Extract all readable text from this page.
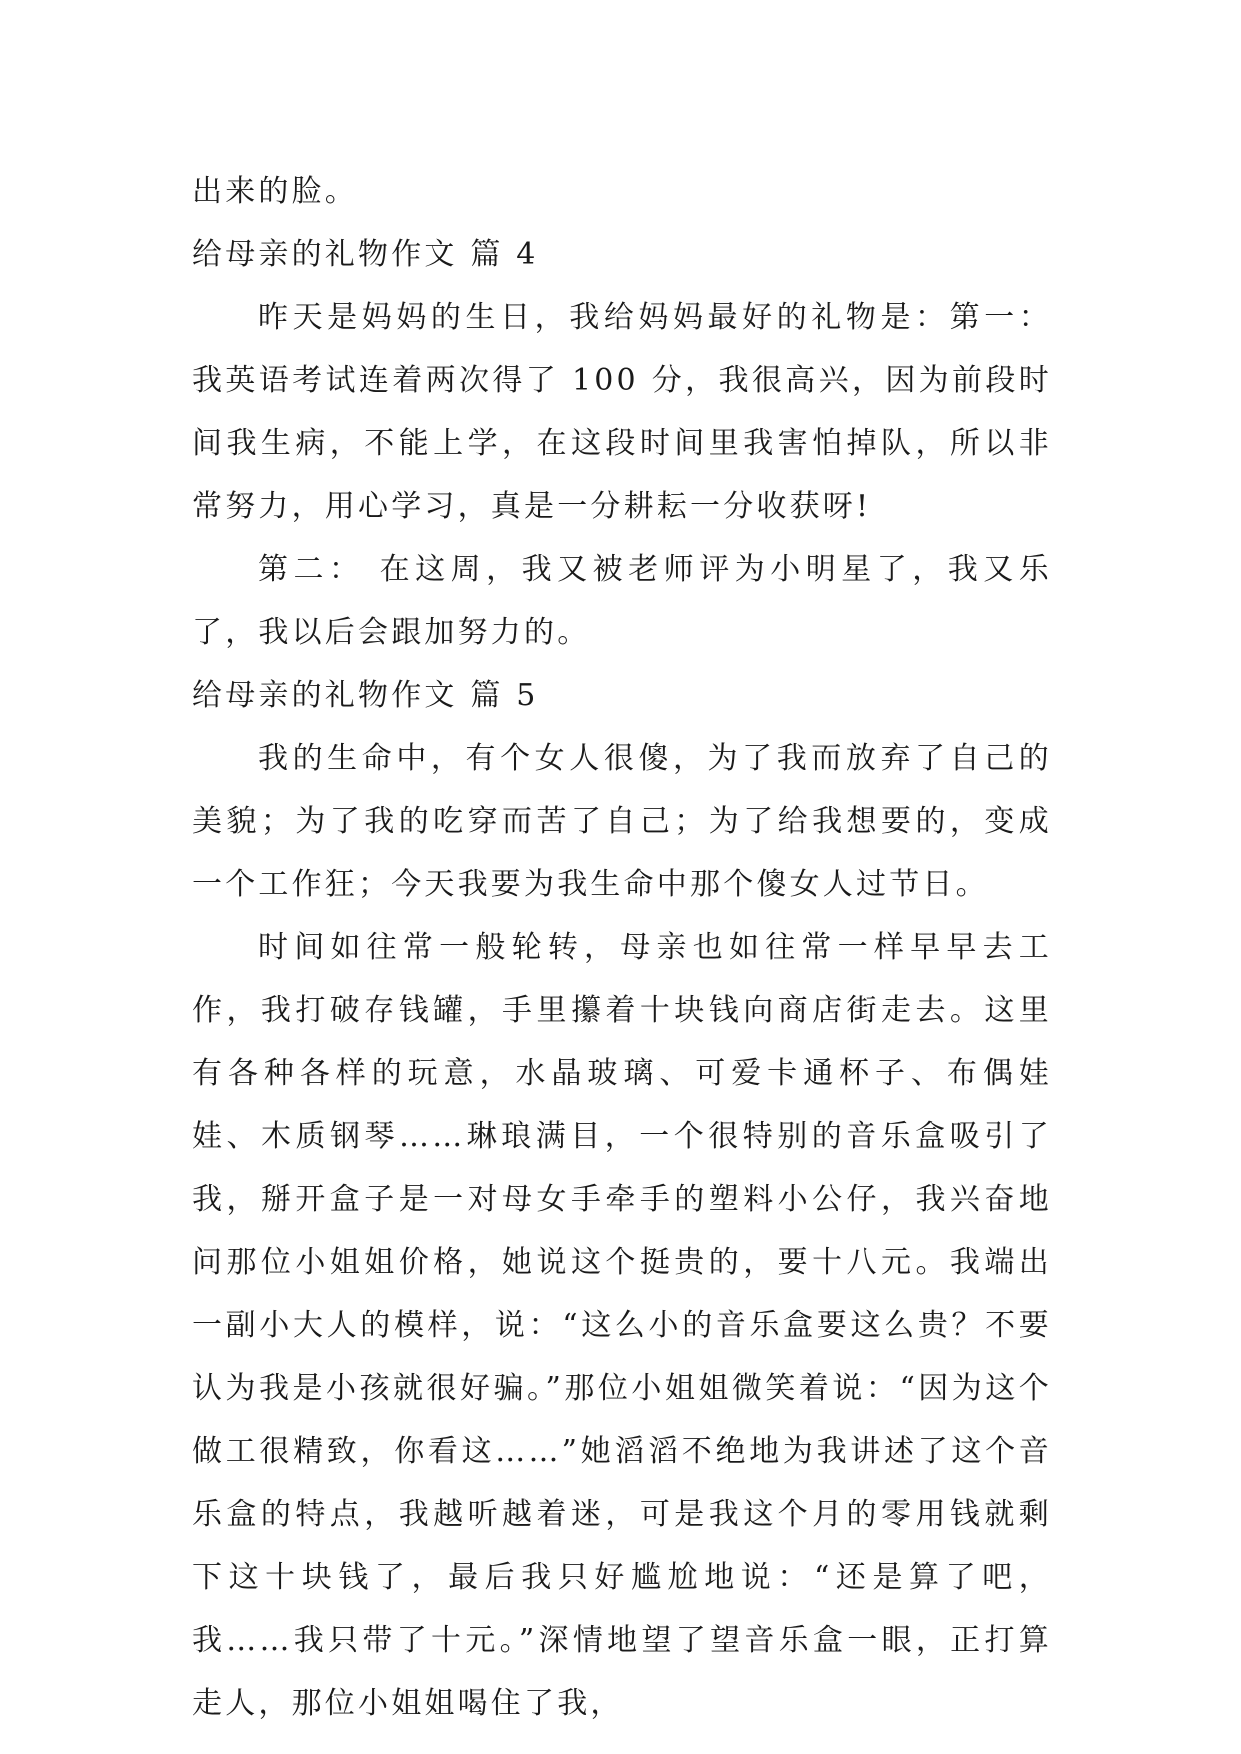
出来的脸。

给母亲的礼物作文 篇 4

昨天是妈妈的生日，我给妈妈最好的礼物是：第一：我英语考试连着两次得了 100 分，我很高兴，因为前段时间我生病，不能上学，在这段时间里我害怕掉队，所以非常努力，用心学习，真是一分耕耘一分收获呀!

第二： 在这周，我又被老师评为小明星了，我又乐了，我以后会跟加努力的。

给母亲的礼物作文 篇 5

我的生命中，有个女人很傻，为了我而放弃了自己的美貌；为了我的吃穿而苦了自己；为了给我想要的，变成一个工作狂；今天我要为我生命中那个傻女人过节日。

时间如往常一般轮转，母亲也如往常一样早早去工作，我打破存钱罐，手里攥着十块钱向商店街走去。这里有各种各样的玩意，水晶玻璃、可爱卡通杯子、布偶娃娃、木质钢琴……琳琅满目，一个很特别的音乐盒吸引了我，掰开盒子是一对母女手牵手的塑料小公仔，我兴奋地问那位小姐姐价格，她说这个挺贵的，要十八元。我端出一副小大人的模样，说：“这么小的音乐盒要这么贵？不要认为我是小孩就很好骗。”那位小姐姐微笑着说：“因为这个做工很精致，你看这……”她滔滔不绝地为我讲述了这个音乐盒的特点，我越听越着迷，可是我这个月的零用钱就剩下这十块钱了，最后我只好尴尬地说：“还是算了吧，我……我只带了十元。”深情地望了望音乐盒一眼，正打算走人，那位小姐姐喝住了我，
